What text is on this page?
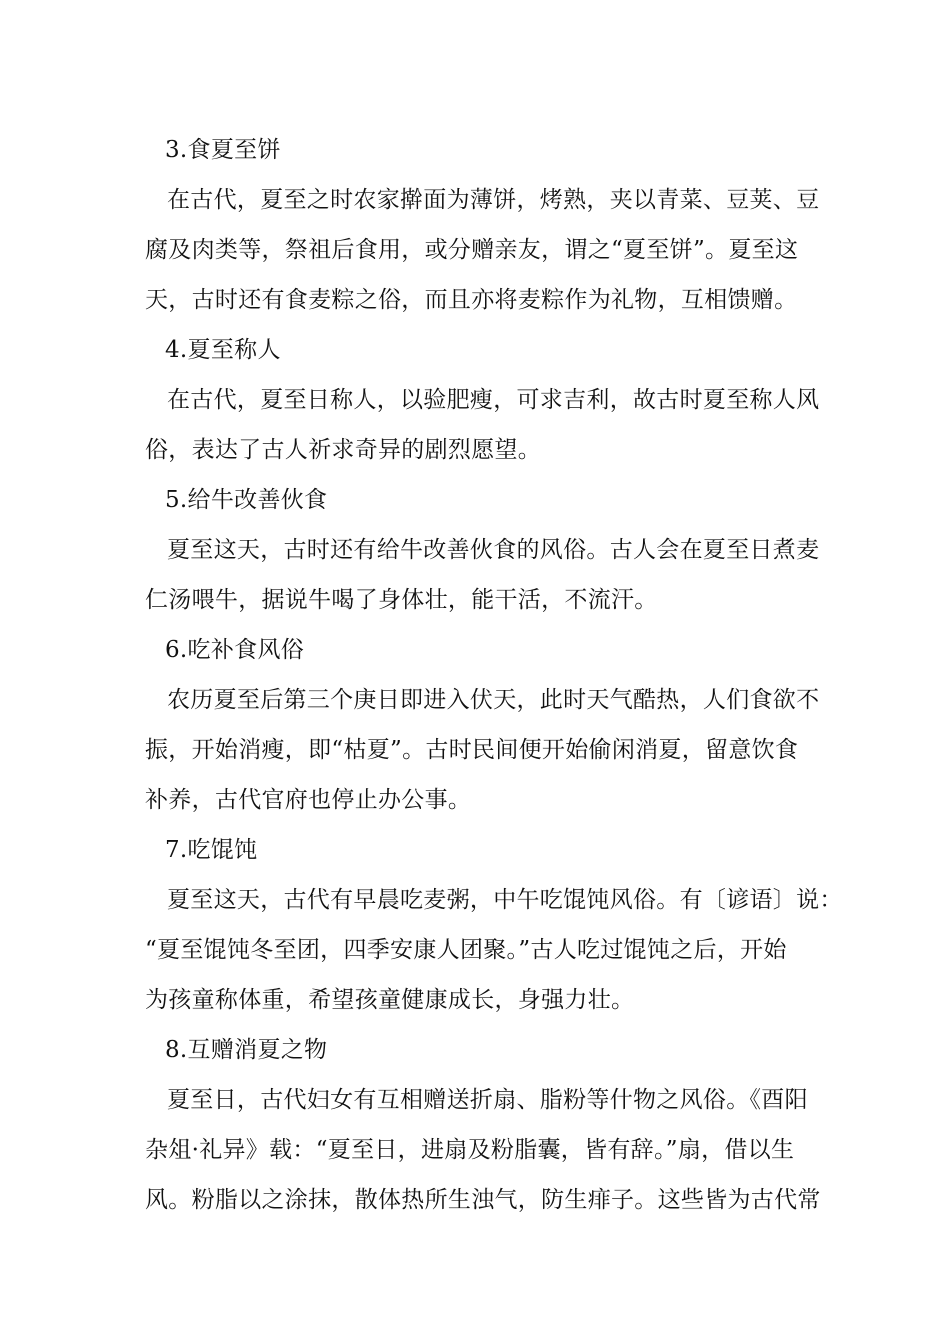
3.食夏至饼

在古代，夏至之时农家擀面为薄饼，烤熟，夹以青菜、豆荚、豆

腐及肉类等，祭祖后食用，或分赠亲友，谓之“夏至饼”。夏至这

天，古时还有食麦粽之俗，而且亦将麦粽作为礼物，互相馈赠。

4.夏至称人

在古代，夏至日称人，以验肥瘦，可求吉利，故古时夏至称人风

俗，表达了古人祈求奇异的剧烈愿望。

5.给牛改善伙食

夏至这天，古时还有给牛改善伙食的风俗。古人会在夏至日煮麦

仁汤喂牛，据说牛喝了身体壮，能干活，不流汗。

6.吃补食风俗

农历夏至后第三个庚日即进入伏天，此时天气酷热，人们食欲不

振，开始消瘦，即“枯夏”。古时民间便开始偷闲消夏，留意饮食

补养，古代官府也停止办公事。

7.吃馄饨

夏至这天，古代有早晨吃麦粥，中午吃馄饨风俗。有〔谚语〕说：

“夏至馄饨冬至团，四季安康人团聚。”古人吃过馄饨之后，开始

为孩童称体重，希望孩童健康成长，身强力壮。

8.互赠消夏之物

夏至日，古代妇女有互相赠送折扇、脂粉等什物之风俗。《酉阳

杂俎·礼异》载：“夏至日，进扇及粉脂囊，皆有辞。”扇，借以生

风。粉脂以之涂抹，散体热所生浊气，防生痱子。这些皆为古代常
